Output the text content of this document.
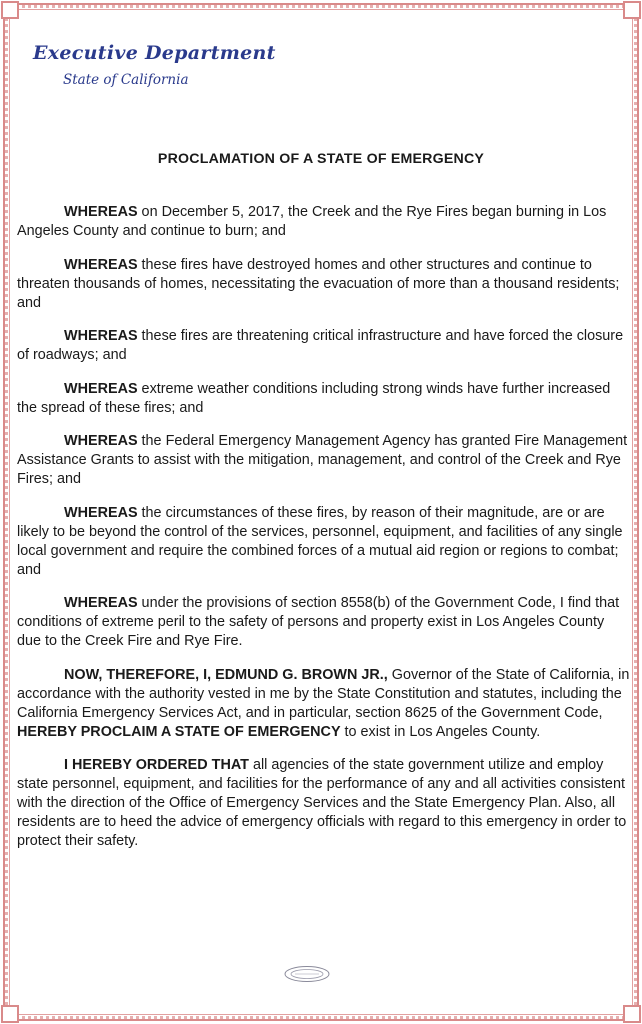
Executive Department
State of California
PROCLAMATION OF A STATE OF EMERGENCY

WHEREAS on December 5, 2017, the Creek and the Rye Fires began burning in Los Angeles County and continue to burn; and

WHEREAS these fires have destroyed homes and other structures and continue to threaten thousands of homes, necessitating the evacuation of more than a thousand residents; and

WHEREAS these fires are threatening critical infrastructure and have forced the closure of roadways; and

WHEREAS extreme weather conditions including strong winds have further increased the spread of these fires; and

WHEREAS the Federal Emergency Management Agency has granted Fire Management Assistance Grants to assist with the mitigation, management, and control of the Creek and Rye Fires; and

WHEREAS the circumstances of these fires, by reason of their magnitude, are or are likely to be beyond the control of the services, personnel, equipment, and facilities of any single local government and require the combined forces of a mutual aid region or regions to combat; and

WHEREAS under the provisions of section 8558(b) of the Government Code, I find that conditions of extreme peril to the safety of persons and property exist in Los Angeles County due to the Creek Fire and Rye Fire.

NOW, THEREFORE, I, EDMUND G. BROWN JR., Governor of the State of California, in accordance with the authority vested in me by the State Constitution and statutes, including the California Emergency Services Act, and in particular, section 8625 of the Government Code, HEREBY PROCLAIM A STATE OF EMERGENCY to exist in Los Angeles County.

I HEREBY ORDERED THAT all agencies of the state government utilize and employ state personnel, equipment, and facilities for the performance of any and all activities consistent with the direction of the Office of Emergency Services and the State Emergency Plan. Also, all residents are to heed the advice of emergency officials with regard to this emergency in order to protect their safety.
